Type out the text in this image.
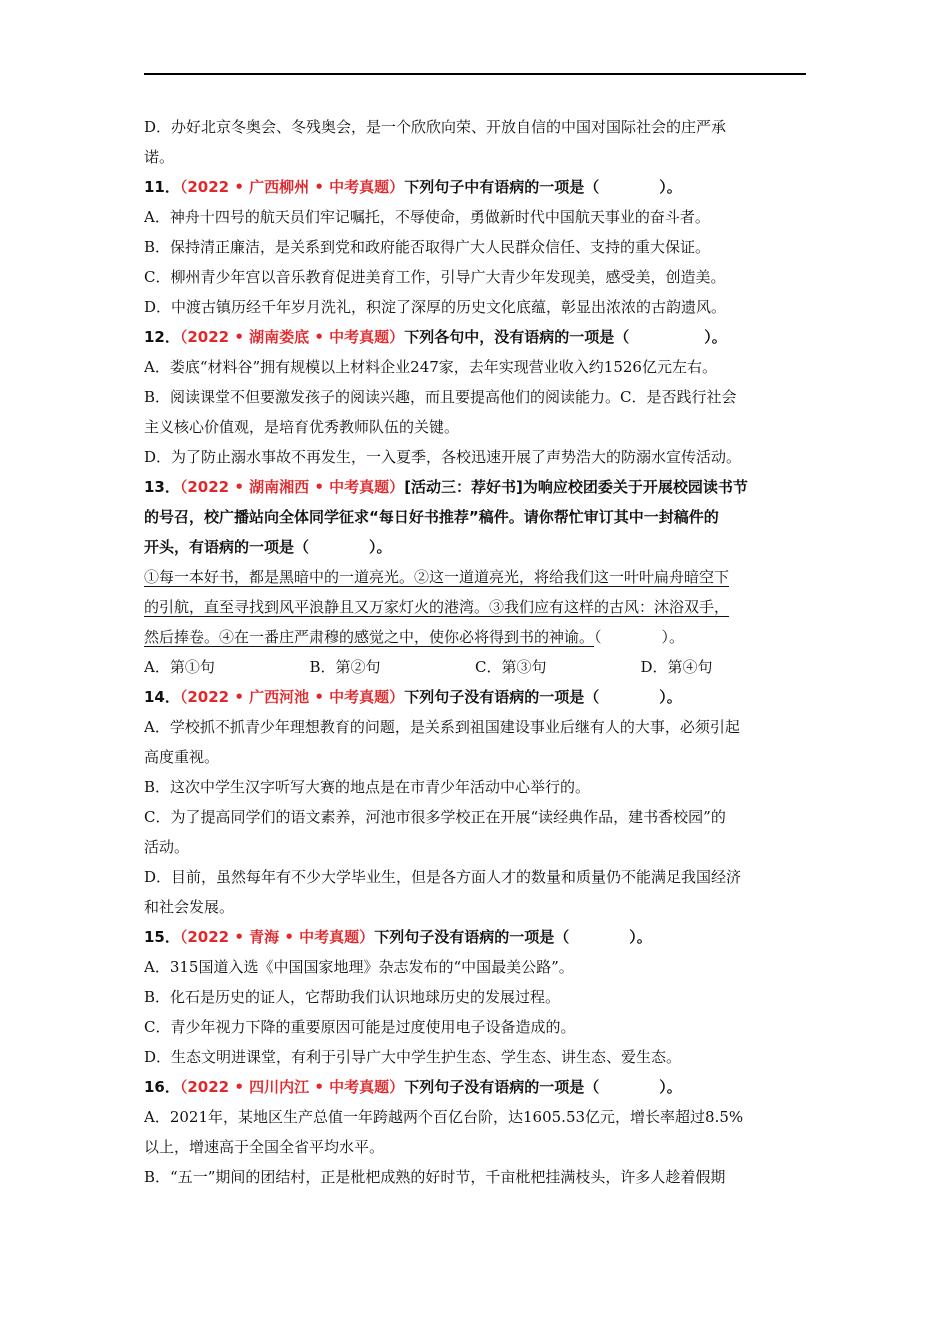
D．办好北京冬奥会、冬残奥会，是一个欣欣向荣、开放自信的中国对国际社会的庄严承
诺。
11．（2022 • 广西柳州 • 中考真题）下列句子中有语病的一项是（　　　　）。
A．神舟十四号的航天员们牢记嘱托，不辱使命，勇做新时代中国航天事业的奋斗者。
B．保持清正廉洁，是关系到党和政府能否取得广大人民群众信任、支持的重大保证。
C．柳州青少年宫以音乐教育促进美育工作，引导广大青少年发现美，感受美，创造美。
D．中渡古镇历经千年岁月洗礼，积淀了深厚的历史文化底蕴，彰显出浓浓的古韵遗风。
12．（2022 • 湖南娄底 • 中考真题）下列各句中，没有语病的一项是（　　　　　）。
A．娄底“材料谷”拥有规模以上材料企业247家，去年实现营业收入约1526亿元左右。
B．阅读课堂不但要激发孩子的阅读兴趣，而且要提高他们的阅读能力。C．是否践行社会
主义核心价值观，是培育优秀教师队伍的关键。
D．为了防止溺水事故不再发生，一入夏季，各校迅速开展了声势浩大的防溺水宣传活动。
13．（2022 • 湖南湘西 • 中考真题）[活动三：荐好书]为响应校团委关于开展校园读书节
的号召，校广播站向全体同学征求“每日好书推荐”稿件。请你帮忙审订其中一封稿件的
开头，有语病的一项是（　　　　）。
①每一本好书，都是黑暗中的一道亮光。②这一道道亮光，将给我们这一叶叶扁舟暗空下
的引航，直至寻找到风平浪静且又万家灯火的港湾。③我们应有这样的古风：沐浴双手，
然后捧卷。④在一番庄严肃穆的感觉之中，使你必将得到书的神谕。（　　　　）。
A．第①句	B．第②句	C．第③句	D．第④句
14．（2022 • 广西河池 • 中考真题）下列句子没有语病的一项是（　　　　）。
A．学校抓不抓青少年理想教育的问题，是关系到祖国建设事业后继有人的大事，必须引起
高度重视。
B．这次中学生汉字听写大赛的地点是在市青少年活动中心举行的。
C．为了提高同学们的语文素养，河池市很多学校正在开展“读经典作品，建书香校园”的
活动。
D．目前，虽然每年有不少大学毕业生，但是各方面人才的数量和质量仍不能满足我国经济
和社会发展。
15．（2022 • 青海 • 中考真题）下列句子没有语病的一项是（　　　　）。
A．315国道入选《中国国家地理》杂志发布的“中国最美公路”。
B．化石是历史的证人，它帮助我们认识地球历史的发展过程。
C．青少年视力下降的重要原因可能是过度使用电子设备造成的。
D．生态文明进课堂，有利于引导广大中学生护生态、学生态、讲生态、爱生态。
16．（2022 • 四川内江 • 中考真题）下列句子没有语病的一项是（　　　　）。
A．2021年，某地区生产总值一年跨越两个百亿台阶，达1605.53亿元，增长率超过8.5%
以上，增速高于全国全省平均水平。
B．“五一”期间的团结村，正是枇杷成熟的好时节，千亩枇杷挂满枝头，许多人趁着假期
